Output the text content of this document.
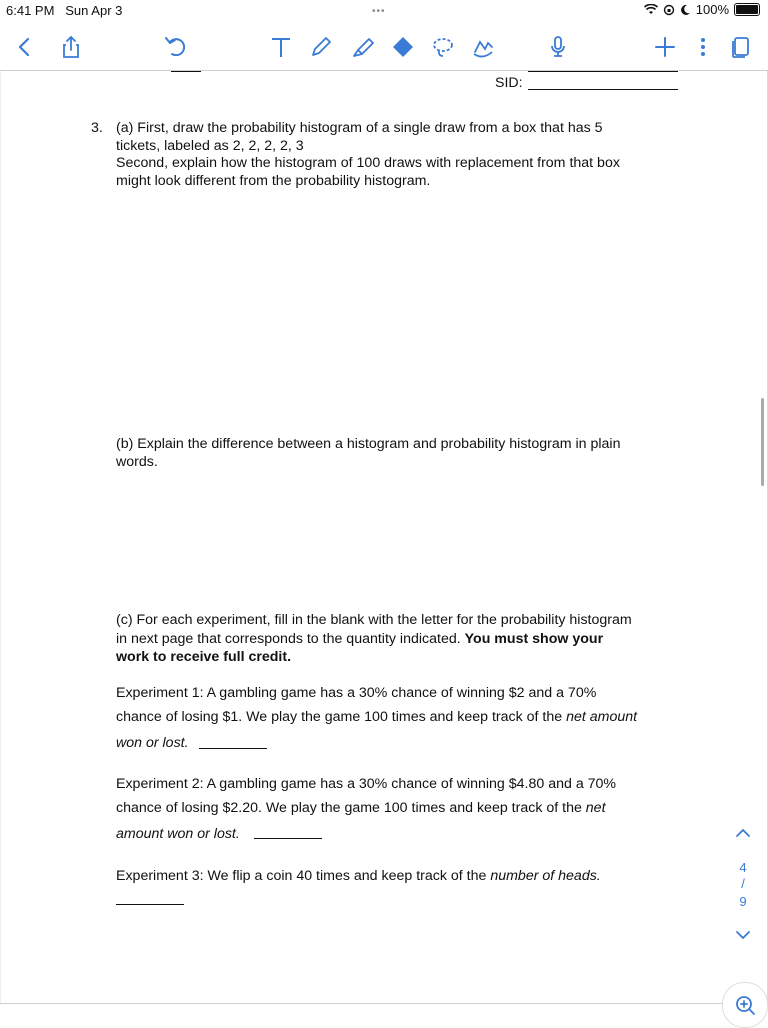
6:41 PM Sun Apr 3	•••	100%
SID:
3. (a) First, draw the probability histogram of a single draw from a box that has 5
tickets, labeled as 2, 2, 2, 2, 3
Second, explain how the histogram of 100 draws with replacement from that box
might look different from the probability histogram.
(b) Explain the difference between a histogram and probability histogram in plain
words.
(c) For each experiment, fill in the blank with the letter for the probability histogram
in next page that corresponds to the quantity indicated. You must show your
work to receive full credit.
Experiment 1: A gambling game has a 30% chance of winning $2 and a 70%
chance of losing $1. We play the game 100 times and keep track of the net amount
won or lost.
Experiment 2: A gambling game has a 30% chance of winning $4.80 and a 70%
chance of losing $2.20. We play the game 100 times and keep track of the net
amount won or lost.
Experiment 3: We flip a coin 40 times and keep track of the number of heads.
4
/
9
